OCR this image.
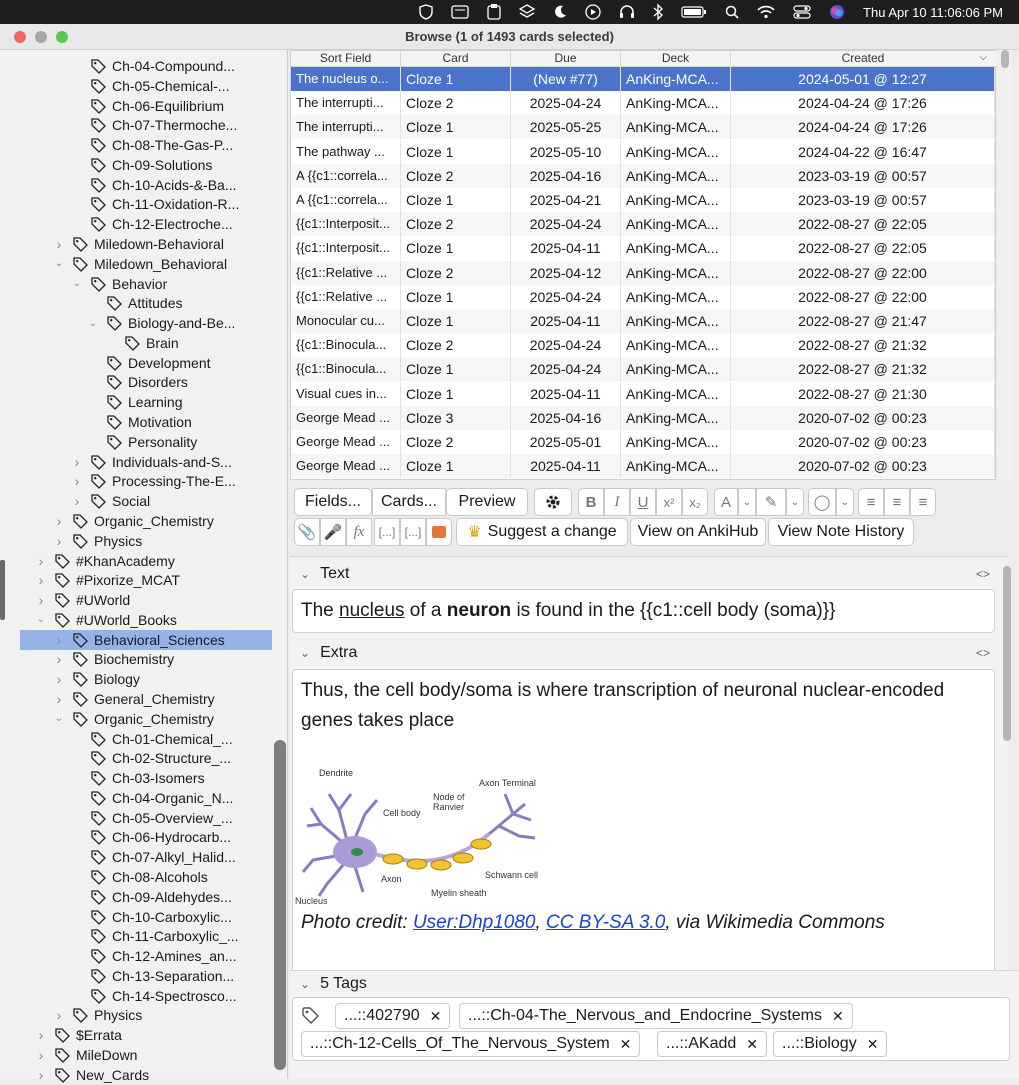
Thu Apr 10 11:06:06 PM
Browse (1 of 1493 cards selected)
Ch-04-Compound...
Ch-05-Chemical-...
Ch-06-Equilibrium
Ch-07-Thermoche...
Ch-08-The-Gas-P...
Ch-09-Solutions
Ch-10-Acids-&-Ba...
Ch-11-Oxidation-R...
Ch-12-Electroche...
› Miledown-Behavioral
⌄ Miledown_Behavioral
⌄ Behavior
Attitudes
⌄ Biology-and-Be...
Brain
Development
Disorders
Learning
Motivation
Personality
› Individuals-and-S...
› Processing-The-E...
› Social
› Organic_Chemistry
› Physics
› #KhanAcademy
› #Pixorize_MCAT
› #UWorld
⌄ #UWorld_Books
› Behavioral_Sciences
› Biochemistry
› Biology
› General_Chemistry
⌄ Organic_Chemistry
Ch-01-Chemical_...
Ch-02-Structure_...
Ch-03-Isomers
Ch-04-Organic_N...
Ch-05-Overview_...
Ch-06-Hydrocarb...
Ch-07-Alkyl_Halid...
Ch-08-Alcohols
Ch-09-Aldehydes...
Ch-10-Carboxylic...
Ch-11-Carboxylic_...
Ch-12-Amines_an...
Ch-13-Separation...
Ch-14-Spectrosco...
› Physics
› $Errata
› MileDown
› New_Cards
Sort Field	Card	Due	Deck	Created	⌵
The nucleus o...	Cloze 1	(New #77)	AnKing-MCA...	2024-05-01 @ 12:27
The interrupti...	Cloze 2	2025-04-24	AnKing-MCA...	2024-04-24 @ 17:26
The interrupti...	Cloze 1	2025-05-25	AnKing-MCA...	2024-04-24 @ 17:26
The pathway ...	Cloze 1	2025-05-10	AnKing-MCA...	2024-04-22 @ 16:47
A {{c1::correla...	Cloze 2	2025-04-16	AnKing-MCA...	2023-03-19 @ 00:57
A {{c1::correla...	Cloze 1	2025-04-21	AnKing-MCA...	2023-03-19 @ 00:57
{{c1::Interposit...	Cloze 2	2025-04-24	AnKing-MCA...	2022-08-27 @ 22:05
{{c1::Interposit...	Cloze 1	2025-04-11	AnKing-MCA...	2022-08-27 @ 22:05
{{c1::Relative ...	Cloze 2	2025-04-12	AnKing-MCA...	2022-08-27 @ 22:00
{{c1::Relative ...	Cloze 1	2025-04-24	AnKing-MCA...	2022-08-27 @ 22:00
Monocular cu...	Cloze 1	2025-04-11	AnKing-MCA...	2022-08-27 @ 21:47
{{c1::Binocula...	Cloze 2	2025-04-24	AnKing-MCA...	2022-08-27 @ 21:32
{{c1::Binocula...	Cloze 1	2025-04-24	AnKing-MCA...	2022-08-27 @ 21:32
Visual cues in...	Cloze 1	2025-04-11	AnKing-MCA...	2022-08-27 @ 21:30
George Mead ...	Cloze 3	2025-04-16	AnKing-MCA...	2020-07-02 @ 00:23
George Mead ...	Cloze 2	2025-05-01	AnKing-MCA...	2020-07-02 @ 00:23
George Mead ...	Cloze 1	2025-04-11	AnKing-MCA...	2020-07-02 @ 00:23
Fields...	Cards...	Preview	B	I	U	x²	x₂	A	⌄ ✎	⌄ ◯	⌄	≡	≡	≡
📎 🎤 fx	[...] [...]	♛ Suggest a change	View on AnkiHub	View Note History
⌄ Text	<>
The nucleus of a neuron is found in the {{c1::cell body (soma)}}
⌄ Extra	<>
Thus, the cell body/soma is where transcription of neuronal nuclear-encoded genes takes place
Dendrite
Cell body
Node of
Ranvier
Axon Terminal
Axon	Schwann cell
Myelin sheath
Nucleus
Photo credit: User:Dhp1080, CC BY-SA 3.0, via Wikimedia Commons
⌄ 5 Tags
...::402790 ✕ ...::Ch-04-The_Nervous_and_Endocrine_Systems ✕
...::Ch-12-Cells_Of_The_Nervous_System ✕ ...::AKadd ✕ ...::Biology ✕
